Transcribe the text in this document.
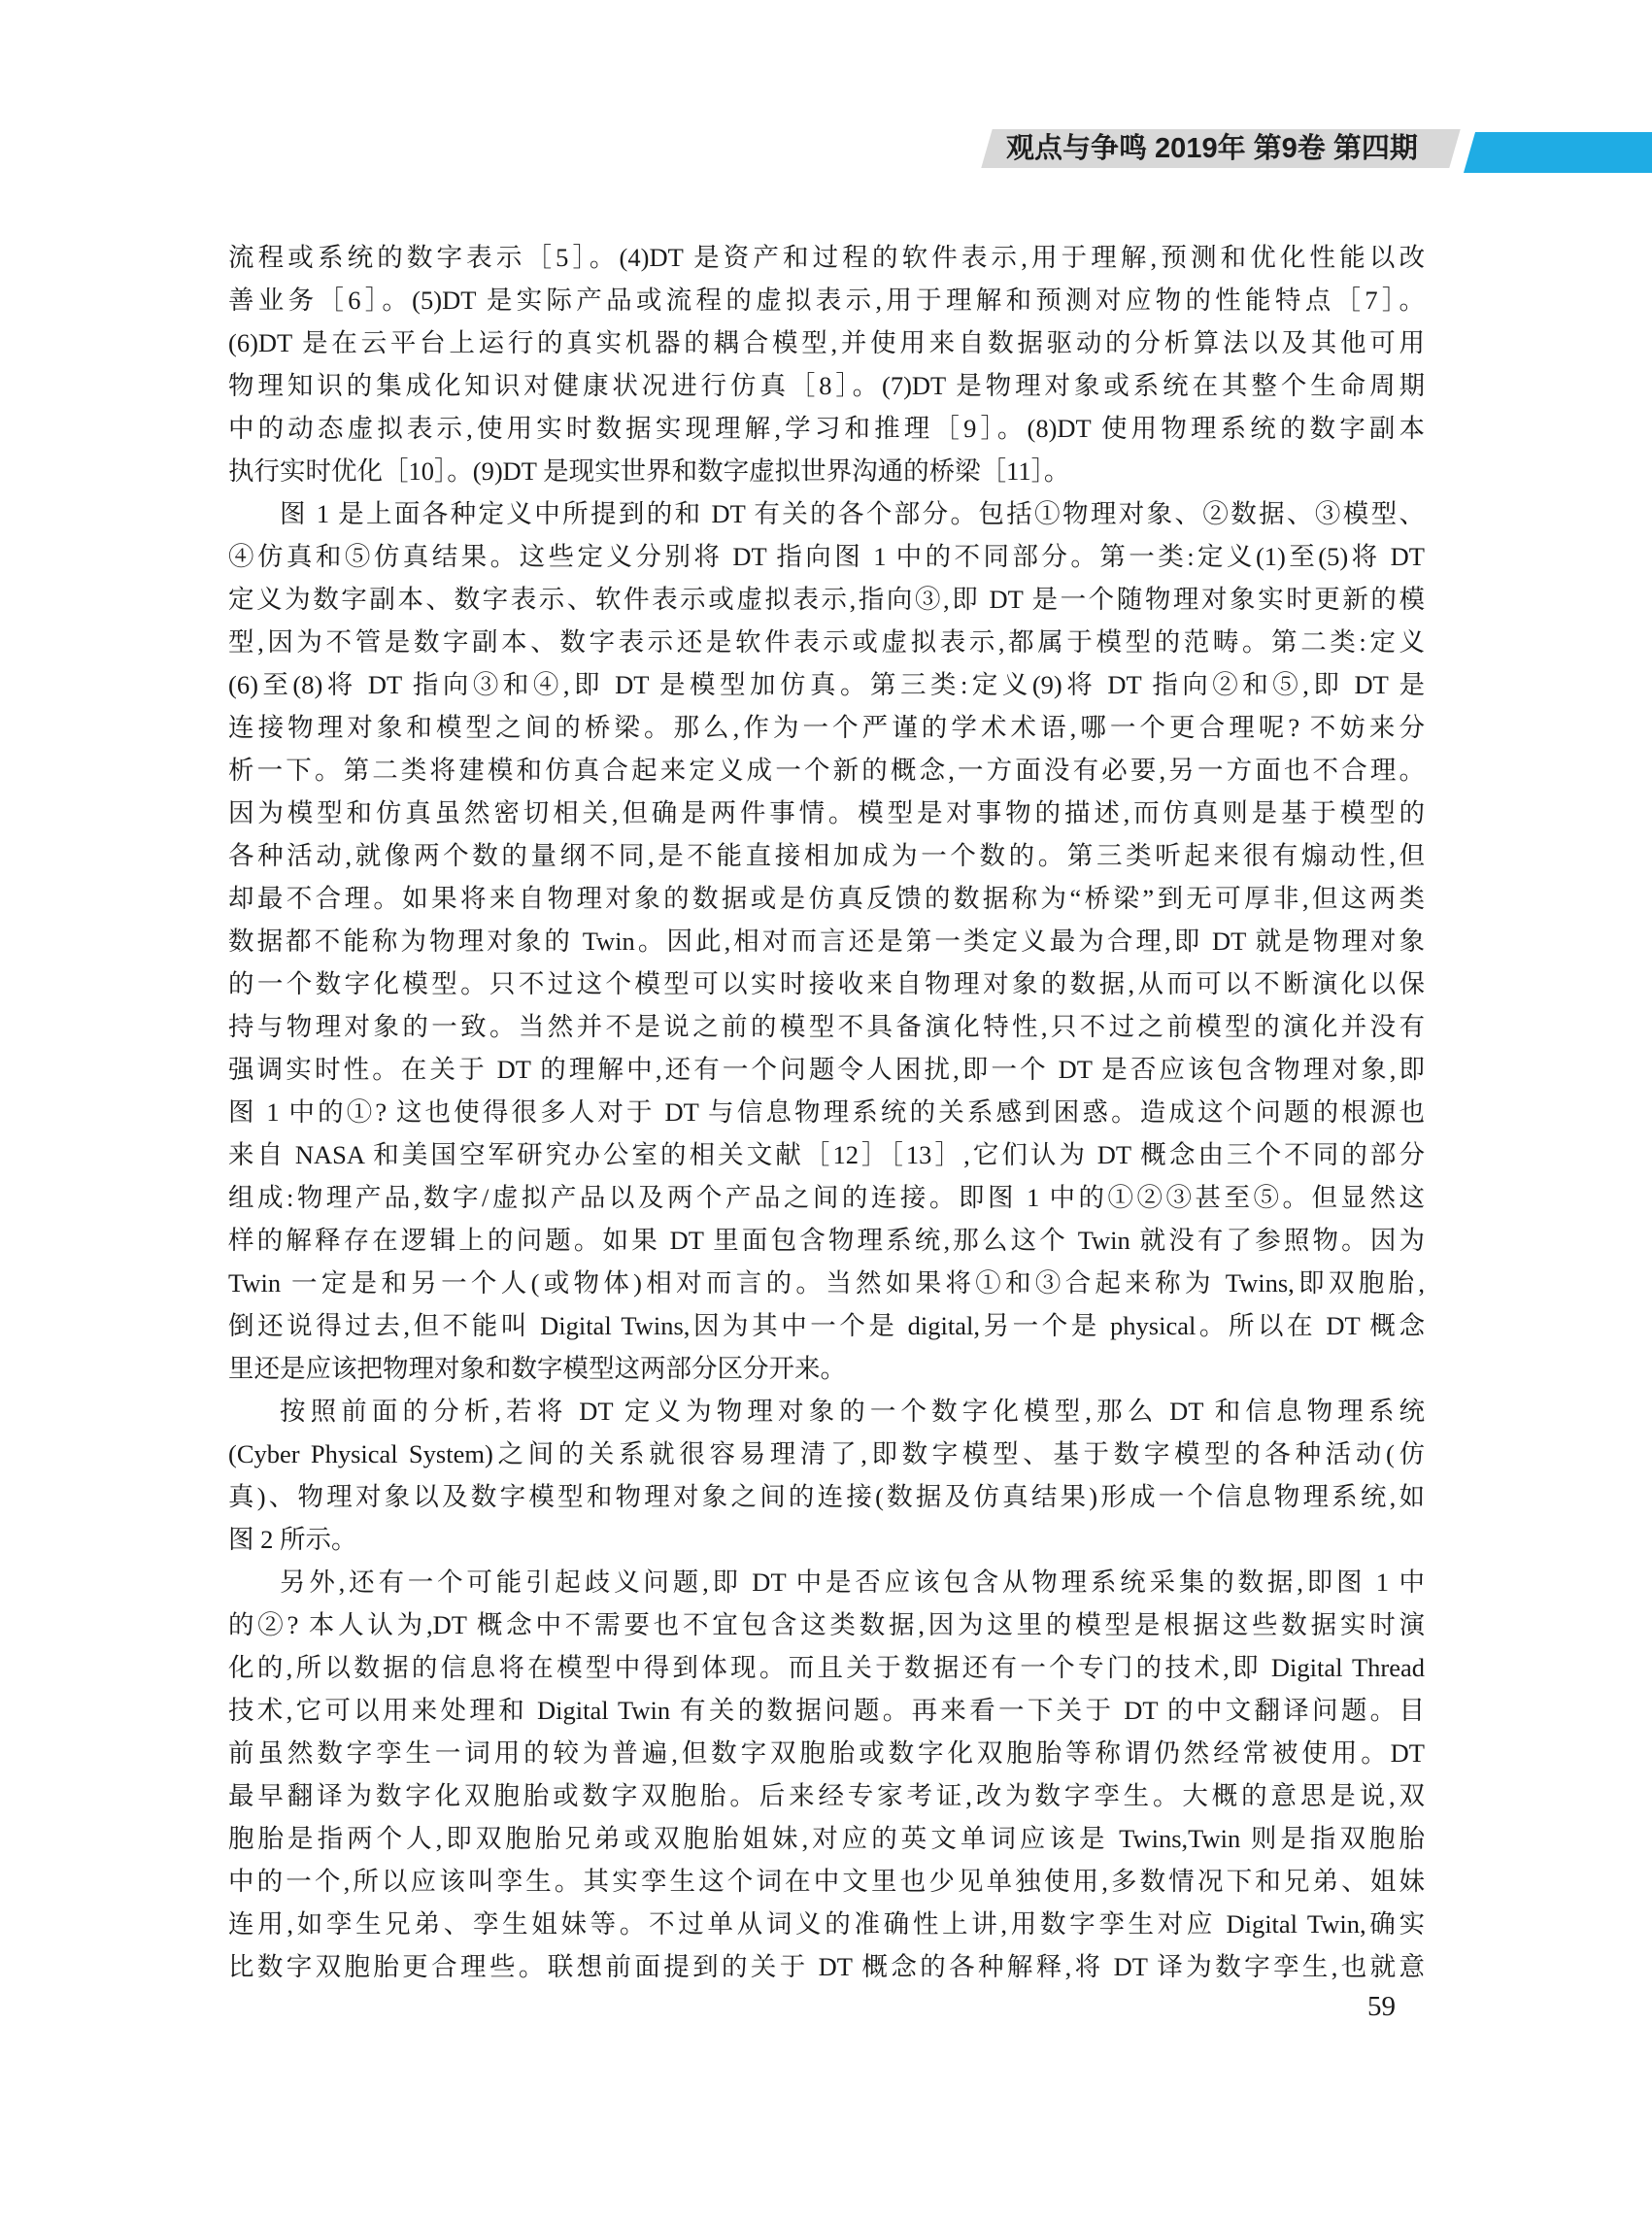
观点与争鸣 2019年 第9卷 第四期
流程或系统的数字表示［5］。(4)DT 是资产和过程的软件表示,用于理解,预测和优化性能以改
善业务［6］。(5)DT 是实际产品或流程的虚拟表示,用于理解和预测对应物的性能特点［7］。
(6)DT 是在云平台上运行的真实机器的耦合模型,并使用来自数据驱动的分析算法以及其他可用
物理知识的集成化知识对健康状况进行仿真［8］。(7)DT 是物理对象或系统在其整个生命周期
中的动态虚拟表示,使用实时数据实现理解,学习和推理［9］。(8)DT 使用物理系统的数字副本
执行实时优化［10］。(9)DT 是现实世界和数字虚拟世界沟通的桥梁［11］。
图 1 是上面各种定义中所提到的和 DT 有关的各个部分。包括①物理对象、②数据、③模型、
④仿真和⑤仿真结果。这些定义分别将 DT 指向图 1 中的不同部分。第一类:定义(1)至(5)将 DT
定义为数字副本、数字表示、软件表示或虚拟表示,指向③,即 DT 是一个随物理对象实时更新的模
型,因为不管是数字副本、数字表示还是软件表示或虚拟表示,都属于模型的范畴。第二类:定义
(6)至(8)将 DT 指向③和④,即 DT 是模型加仿真。第三类:定义(9)将 DT 指向②和⑤,即 DT 是
连接物理对象和模型之间的桥梁。那么,作为一个严谨的学术术语,哪一个更合理呢? 不妨来分
析一下。第二类将建模和仿真合起来定义成一个新的概念,一方面没有必要,另一方面也不合理。
因为模型和仿真虽然密切相关,但确是两件事情。模型是对事物的描述,而仿真则是基于模型的
各种活动,就像两个数的量纲不同,是不能直接相加成为一个数的。第三类听起来很有煽动性,但
却最不合理。如果将来自物理对象的数据或是仿真反馈的数据称为“桥梁”到无可厚非,但这两类
数据都不能称为物理对象的 Twin。因此,相对而言还是第一类定义最为合理,即 DT 就是物理对象
的一个数字化模型。只不过这个模型可以实时接收来自物理对象的数据,从而可以不断演化以保
持与物理对象的一致。当然并不是说之前的模型不具备演化特性,只不过之前模型的演化并没有
强调实时性。在关于 DT 的理解中,还有一个问题令人困扰,即一个 DT 是否应该包含物理对象,即
图 1 中的①? 这也使得很多人对于 DT 与信息物理系统的关系感到困惑。造成这个问题的根源也
来自 NASA 和美国空军研究办公室的相关文献［12］［13］,它们认为 DT 概念由三个不同的部分
组成:物理产品,数字/虚拟产品以及两个产品之间的连接。即图 1 中的①②③甚至⑤。但显然这
样的解释存在逻辑上的问题。如果 DT 里面包含物理系统,那么这个 Twin 就没有了参照物。因为
Twin 一定是和另一个人(或物体)相对而言的。当然如果将①和③合起来称为 Twins,即双胞胎,
倒还说得过去,但不能叫 Digital Twins,因为其中一个是 digital,另一个是 physical。所以在 DT 概念
里还是应该把物理对象和数字模型这两部分区分开来。
按照前面的分析,若将 DT 定义为物理对象的一个数字化模型,那么 DT 和信息物理系统
(Cyber Physical System)之间的关系就很容易理清了,即数字模型、基于数字模型的各种活动(仿
真)、物理对象以及数字模型和物理对象之间的连接(数据及仿真结果)形成一个信息物理系统,如
图 2 所示。
另外,还有一个可能引起歧义问题,即 DT 中是否应该包含从物理系统采集的数据,即图 1 中
的②? 本人认为,DT 概念中不需要也不宜包含这类数据,因为这里的模型是根据这些数据实时演
化的,所以数据的信息将在模型中得到体现。而且关于数据还有一个专门的技术,即 Digital Thread
技术,它可以用来处理和 Digital Twin 有关的数据问题。再来看一下关于 DT 的中文翻译问题。目
前虽然数字孪生一词用的较为普遍,但数字双胞胎或数字化双胞胎等称谓仍然经常被使用。DT
最早翻译为数字化双胞胎或数字双胞胎。后来经专家考证,改为数字孪生。大概的意思是说,双
胞胎是指两个人,即双胞胎兄弟或双胞胎姐妹,对应的英文单词应该是 Twins,Twin 则是指双胞胎
中的一个,所以应该叫孪生。其实孪生这个词在中文里也少见单独使用,多数情况下和兄弟、姐妹
连用,如孪生兄弟、孪生姐妹等。不过单从词义的准确性上讲,用数字孪生对应 Digital Twin,确实
比数字双胞胎更合理些。联想前面提到的关于 DT 概念的各种解释,将 DT 译为数字孪生,也就意
59
